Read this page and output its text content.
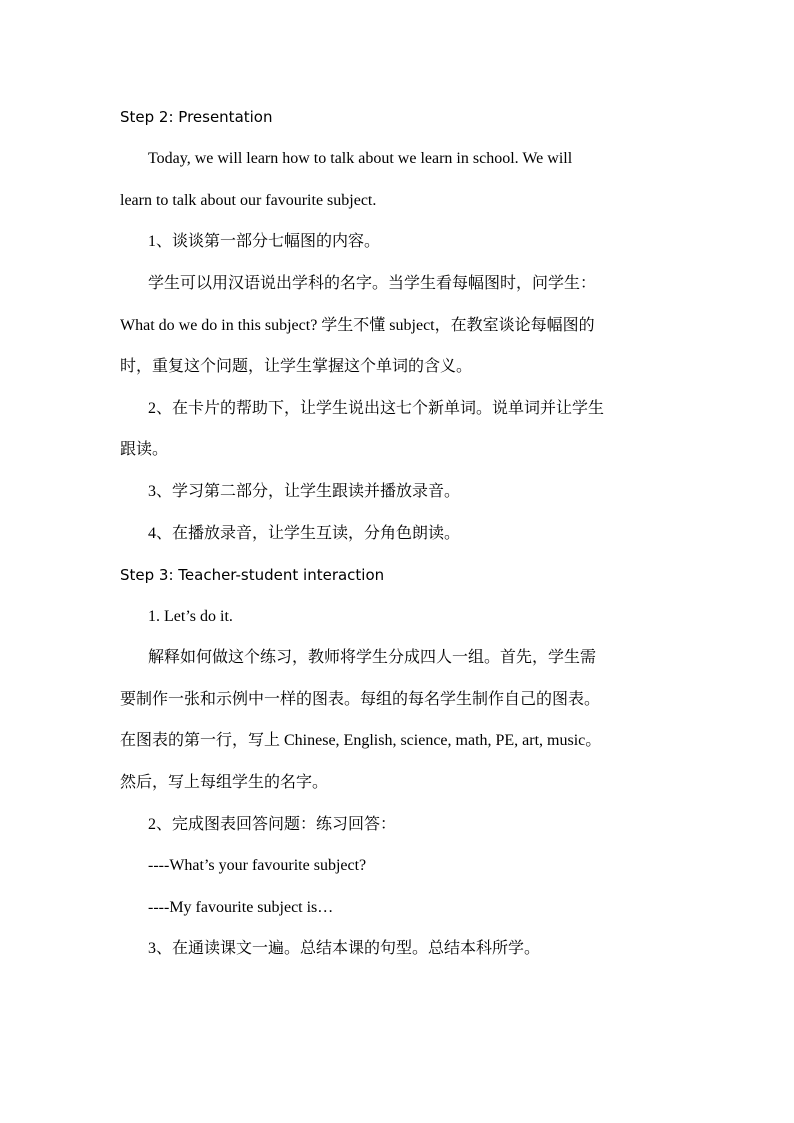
Step 2: Presentation
Today, we will learn how to talk about we learn in school. We will
learn to talk about our favourite subject.
1、谈谈第一部分七幅图的内容。
学生可以用汉语说出学科的名字。当学生看每幅图时，问学生：
What do we do in this subject? 学生不懂 subject，在教室谈论每幅图的
时，重复这个问题，让学生掌握这个单词的含义。
2、在卡片的帮助下，让学生说出这七个新单词。说单词并让学生
跟读。
3、学习第二部分，让学生跟读并播放录音。
4、在播放录音，让学生互读，分角色朗读。
Step 3: Teacher-student interaction
1. Let’s do it.
解释如何做这个练习，教师将学生分成四人一组。首先，学生需
要制作一张和示例中一样的图表。每组的每名学生制作自己的图表。
在图表的第一行，写上 Chinese, English, science, math, PE, art, music。
然后，写上每组学生的名字。
2、完成图表回答问题：练习回答：
----What’s your favourite subject?
----My favourite subject is…
3、在通读课文一遍。总结本课的句型。总结本科所学。
